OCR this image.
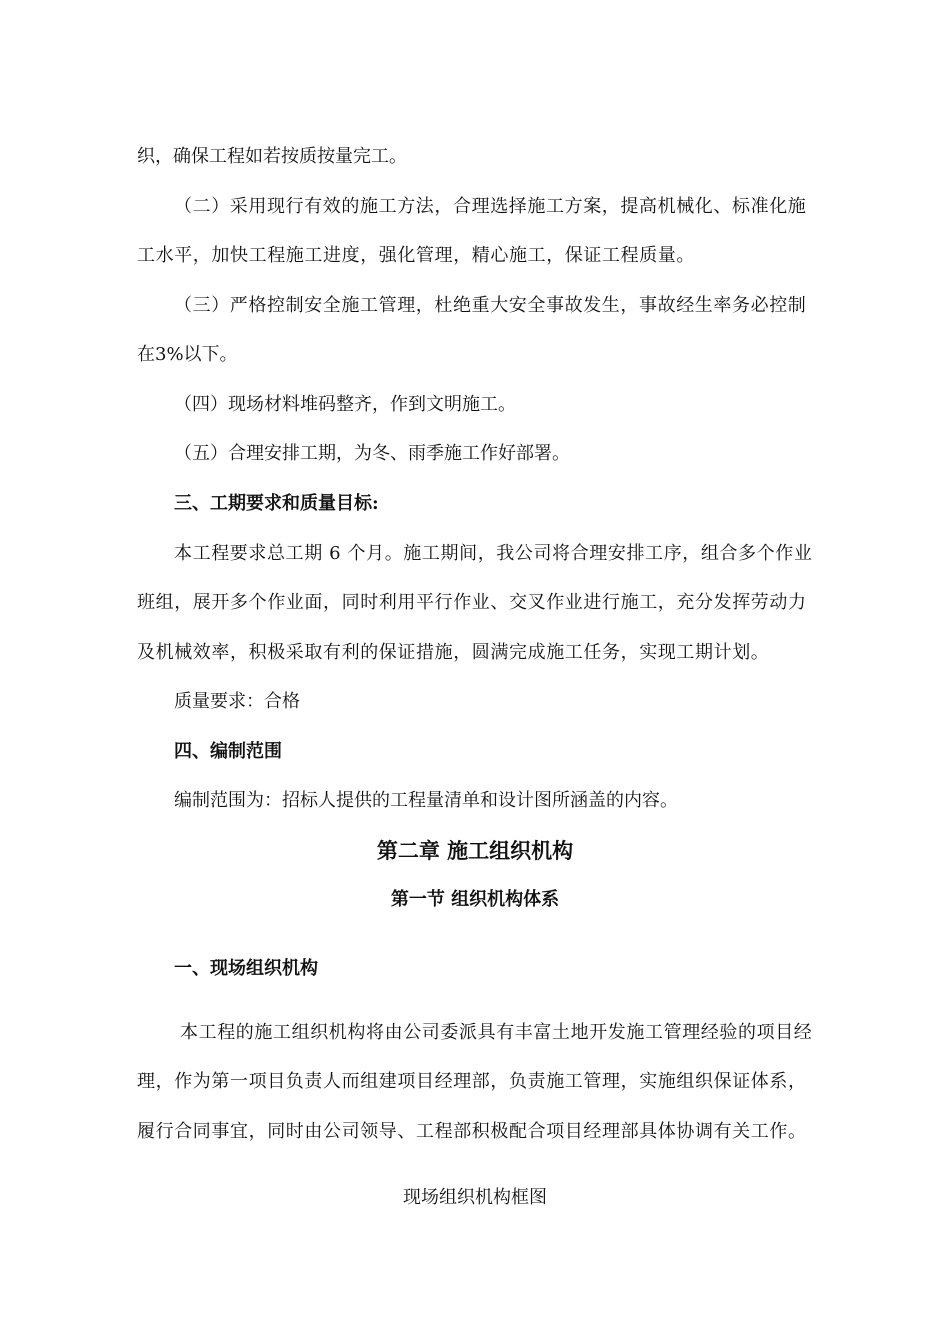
织，确保工程如若按质按量完工。
（二）采用现行有效的施工方法，合理选择施工方案，提高机械化、标准化施
工水平，加快工程施工进度，强化管理，精心施工，保证工程质量。
（三）严格控制安全施工管理，杜绝重大安全事故发生，事故经生率务必控制
在3%以下。
（四）现场材料堆码整齐，作到文明施工。
（五）合理安排工期，为冬、雨季施工作好部署。
三、工期要求和质量目标:
本工程要求总工期 6 个月。施工期间，我公司将合理安排工序，组合多个作业
班组，展开多个作业面，同时利用平行作业、交叉作业进行施工，充分发挥劳动力
及机械效率，积极采取有利的保证措施，圆满完成施工任务，实现工期计划。
质量要求：合格
四、编制范围
编制范围为：招标人提供的工程量清单和设计图所涵盖的内容。
第二章 施工组织机构
第一节 组织机构体系
一、现场组织机构
本工程的施工组织机构将由公司委派具有丰富土地开发施工管理经验的项目经
理，作为第一项目负责人而组建项目经理部，负责施工管理，实施组织保证体系，
履行合同事宜，同时由公司领导、工程部积极配合项目经理部具体协调有关工作。
现场组织机构框图
